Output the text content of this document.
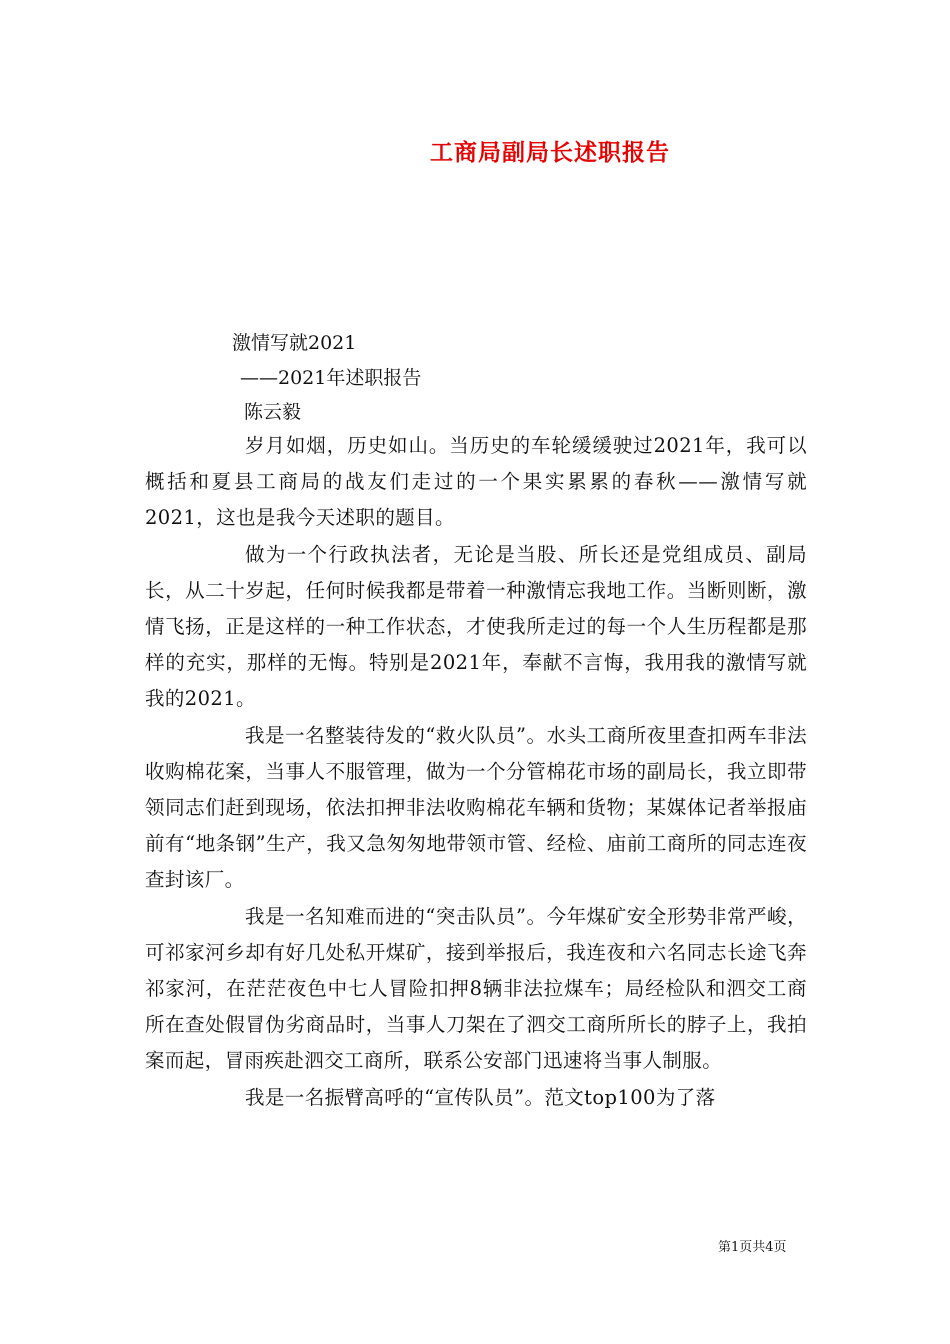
工商局副局长述职报告
激情写就2021
——2021年述职报告
陈云毅

岁月如烟，历史如山。当历史的车轮缓缓驶过2021年，我可以概括和夏县工商局的战友们走过的一个果实累累的春秋——激情写就2021，这也是我今天述职的题目。

做为一个行政执法者，无论是当股、所长还是党组成员、副局长，从二十岁起，任何时候我都是带着一种激情忘我地工作。当断则断，激情飞扬，正是这样的一种工作状态，才使我所走过的每一个人生历程都是那样的充实，那样的无悔。特别是2021年，奉献不言悔，我用我的激情写就我的2021。

我是一名整装待发的“救火队员”。水头工商所夜里查扣两车非法收购棉花案，当事人不服管理，做为一个分管棉花市场的副局长，我立即带领同志们赶到现场，依法扣押非法收购棉花车辆和货物；某媒体记者举报庙前有“地条钢”生产，我又急匆匆地带领市管、经检、庙前工商所的同志连夜查封该厂。

我是一名知难而进的“突击队员”。今年煤矿安全形势非常严峻，可祁家河乡却有好几处私开煤矿，接到举报后，我连夜和六名同志长途飞奔祁家河，在茫茫夜色中七人冒险扣押8辆非法拉煤车；局经检队和泗交工商所在查处假冒伪劣商品时，当事人刀架在了泗交工商所所长的脖子上，我拍案而起，冒雨疾赴泗交工商所，联系公安部门迅速将当事人制服。

我是一名振臂高呼的“宣传队员”。范文top100为了落

第1页共4页
